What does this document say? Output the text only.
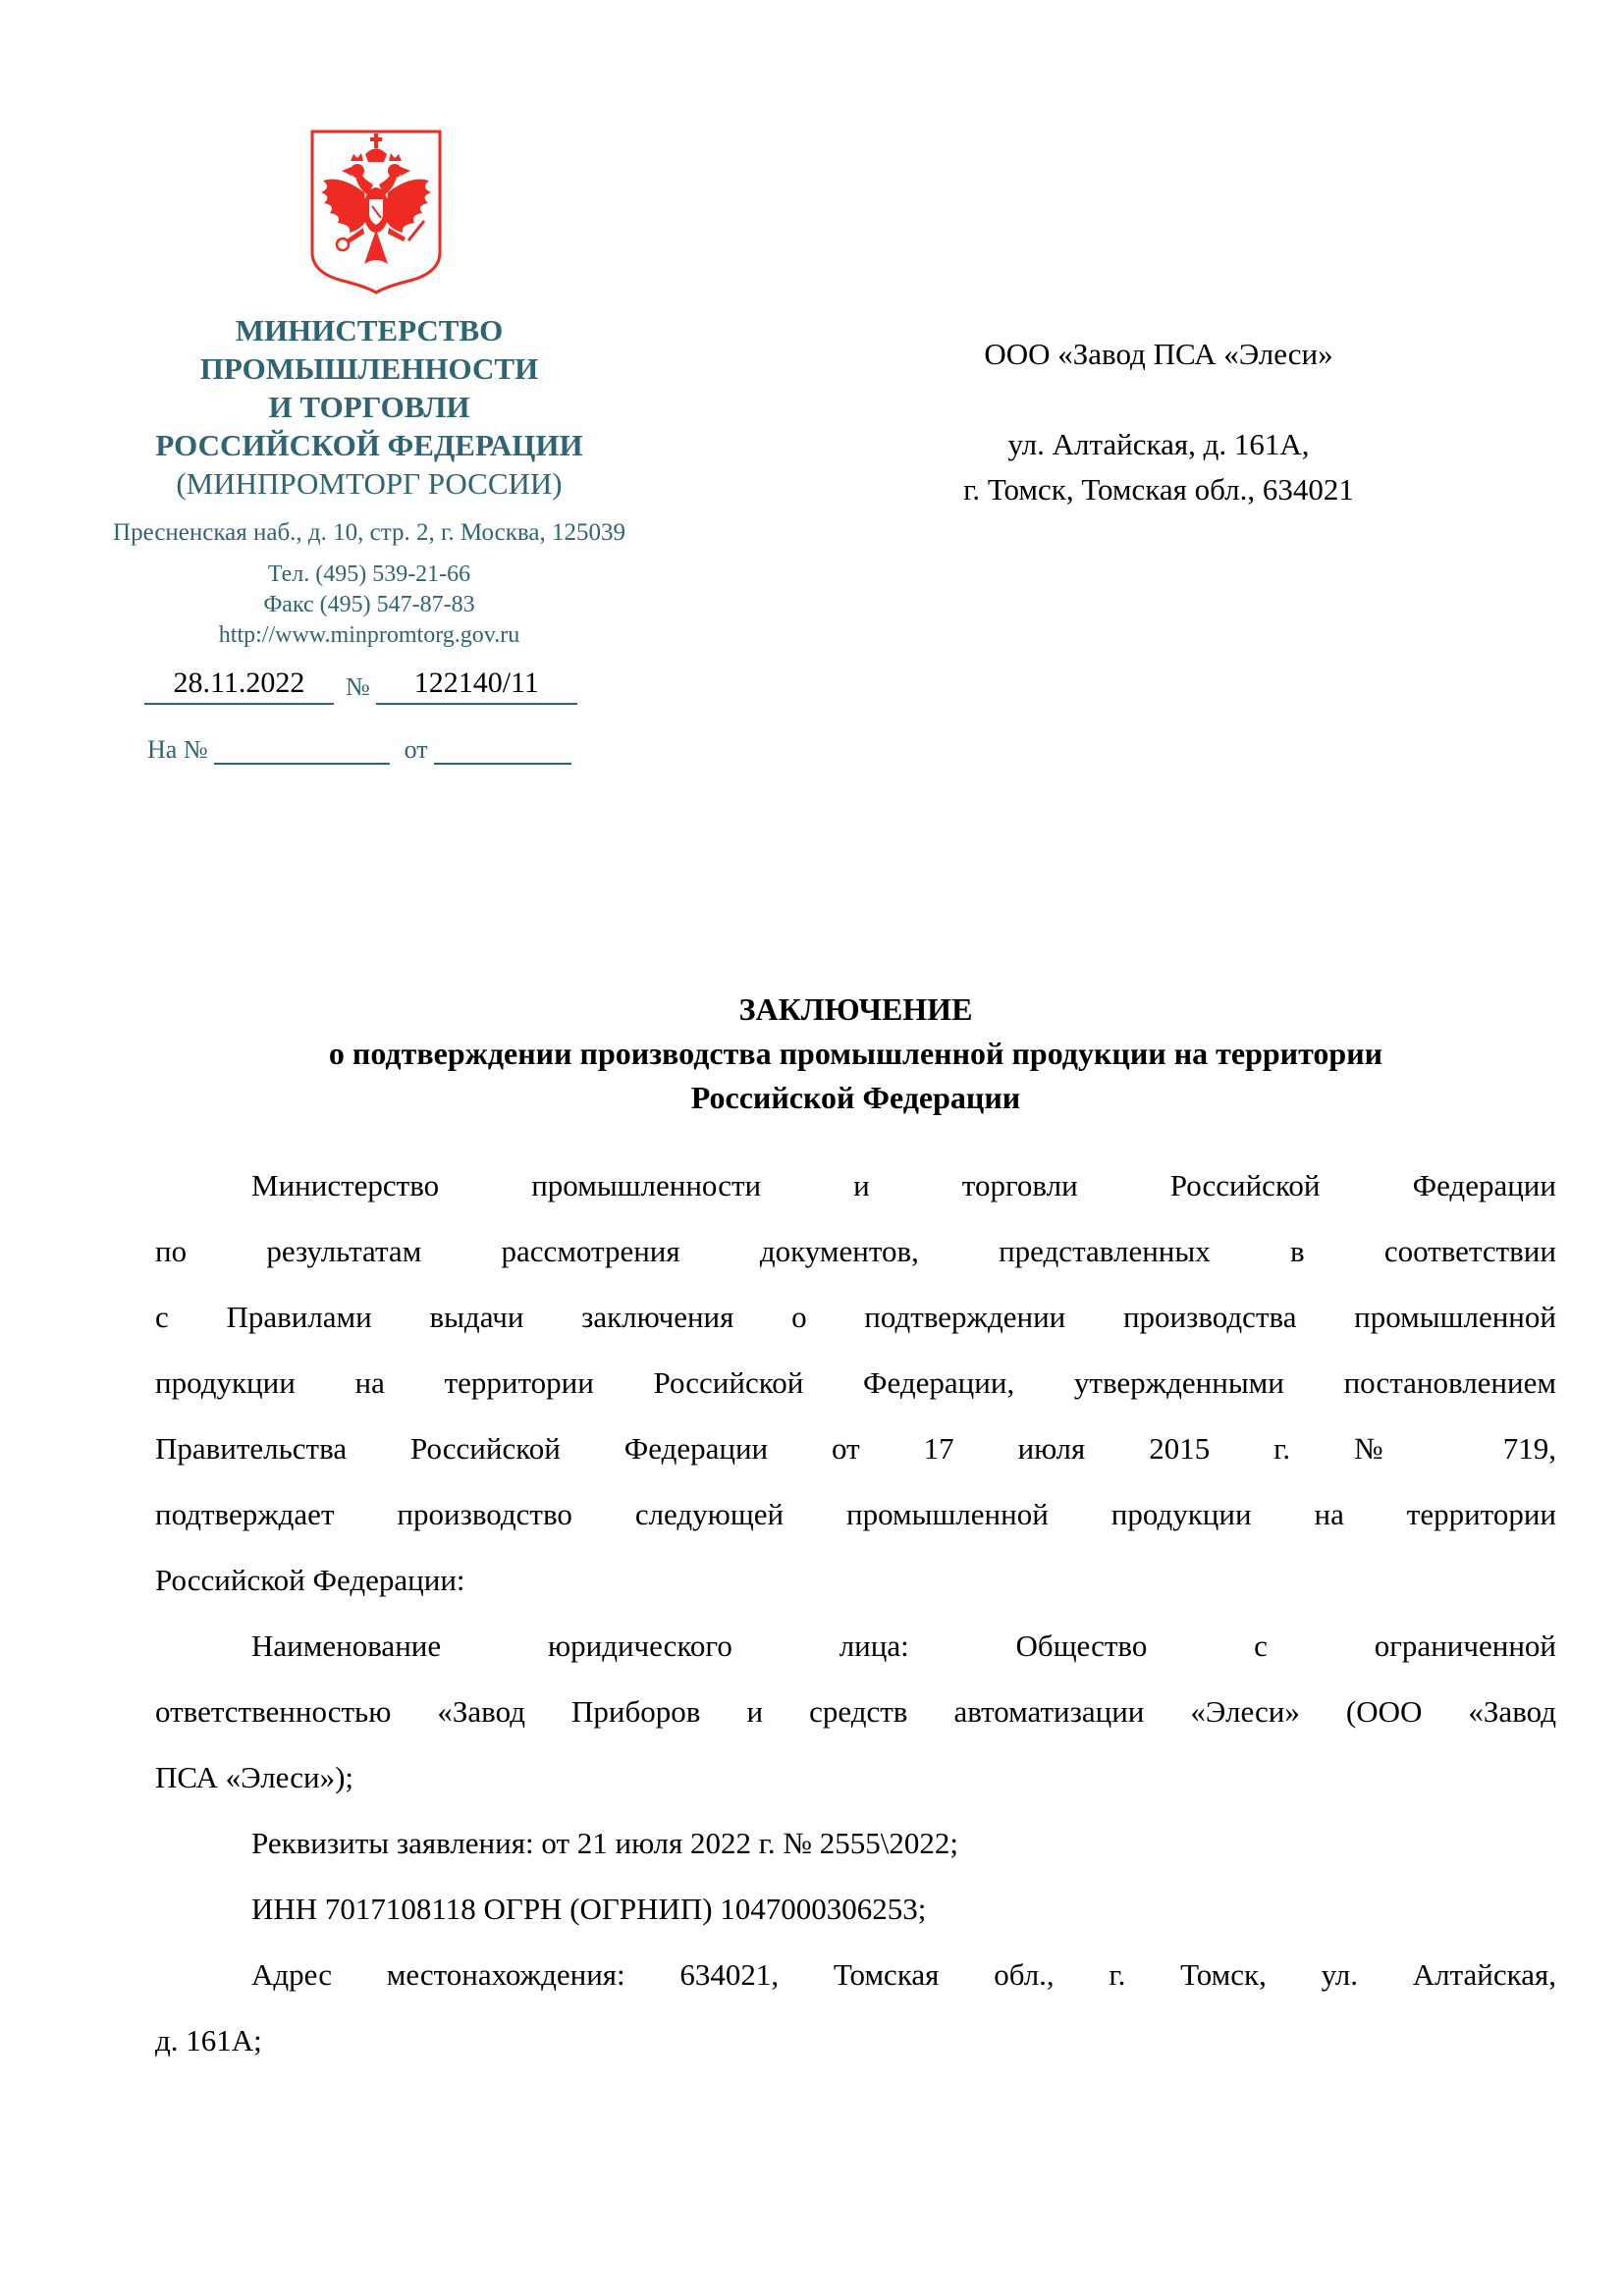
МИНИСТЕРСТВО
ПРОМЫШЛЕННОСТИ
И ТОРГОВЛИ
РОССИЙСКОЙ ФЕДЕРАЦИИ
(МИНПРОМТОРГ РОССИИ)
Пресненская наб., д. 10, стр. 2, г. Москва, 125039
Тел. (495) 539-21-66
Факс (495) 547-87-83
http://www.minpromtorg.gov.ru
28.11.2022	№	122140/11
На №	от
ООО «Завод ПСА «Элеси»
ул. Алтайская, д. 161А,
г. Томск, Томская обл., 634021
ЗАКЛЮЧЕНИЕ
о подтверждении производства промышленной продукции на территории
Российской Федерации
Министерство промышленности и торговли Российской Федерации
по результатам рассмотрения документов, представленных в соответствии
с Правилами выдачи заключения о подтверждении производства промышленной
продукции на территории Российской Федерации, утвержденными постановлением
Правительства Российской Федерации от 17 июля 2015 г. № 719,
подтверждает производство следующей промышленной продукции на территории
Российской Федерации:
Наименование юридического лица: Общество с ограниченной
ответственностью «Завод Приборов и средств автоматизации «Элеси» (ООО «Завод
ПСА «Элеси»);
Реквизиты заявления: от 21 июля 2022 г. № 2555\2022;
ИНН 7017108118 ОГРН (ОГРНИП) 1047000306253;
Адрес местонахождения: 634021, Томская обл., г. Томск, ул. Алтайская,
д. 161А;
